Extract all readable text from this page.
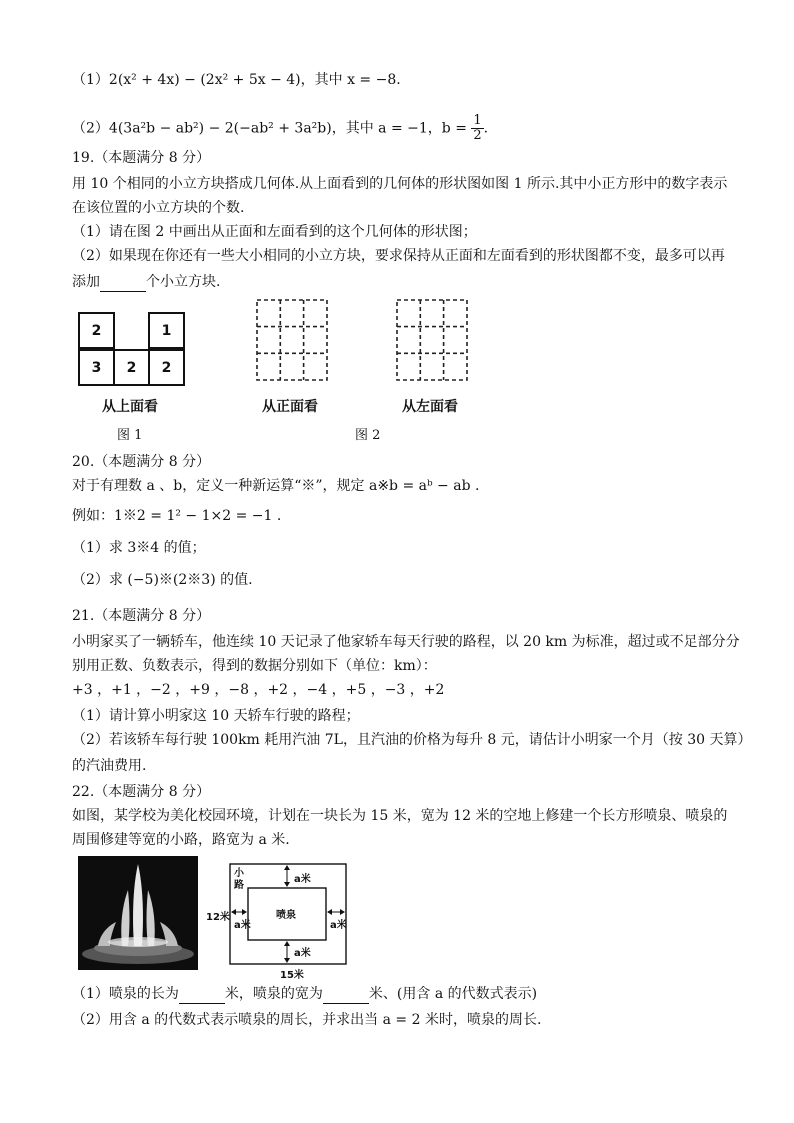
（1）2(x² + 4x) − (2x² + 5x − 4)，其中 x = −8.
（2）4(3a²b − ab²) − 2(−ab² + 3a²b)，其中 a = −1，$b = \frac{1}{2}$ .
19.（本题满分 8 分）
用 10 个相同的小立方块搭成几何体.从上面看到的几何体的形状图如图 1 所示.其中小正方形中的数字表示
在该位置的小立方块的个数.
（1）请在图 2 中画出从正面和左面看到的这个几何体的形状图；
（2）如果现在你还有一些大小相同的小立方块，要求保持从正面和左面看到的形状图都不变，最多可以再
添加	个小立方块.
2	1
3	2	2
从上面看
图 1
从正面看	从左面看
图 2
20.（本题满分 8 分）
对于有理数 a 、b，定义一种新运算“※”，规定 a※b = aᵇ − ab .
例如：1※2 = 1² − 1×2 = −1 .
（1）求 3※4 的值；
（2）求 (−5)※(2※3) 的值.
21.（本题满分 8 分）
小明家买了一辆轿车，他连续 10 天记录了他家轿车每天行驶的路程，以 20 km 为标准，超过或不足部分分
别用正数、负数表示，得到的数据分别如下（单位：km）：
+3 ，+1 ，−2 ，+9 ，−8 ，+2 ，−4 ，+5 ，−3 ，+2
（1）请计算小明家这 10 天轿车行驶的路程；
（2）若该轿车每行驶 100km 耗用汽油 7L，且汽油的价格为每升 8 元，请估计小明家一个月（按 30 天算）
的汽油费用.
22.（本题满分 8 分）
如图，某学校为美化校园环境，计划在一块长为 15 米，宽为 12 米的空地上修建一个长方形喷泉、喷泉的
周围修建等宽的小路，路宽为 a 米.
小路
a米
a米
a米	a米
喷泉
12米
15米
（1）喷泉的长为	米，喷泉的宽为	米、(用含 a 的代数式表示)
（2）用含 a 的代数式表示喷泉的周长，并求出当 a = 2 米时，喷泉的周长.
